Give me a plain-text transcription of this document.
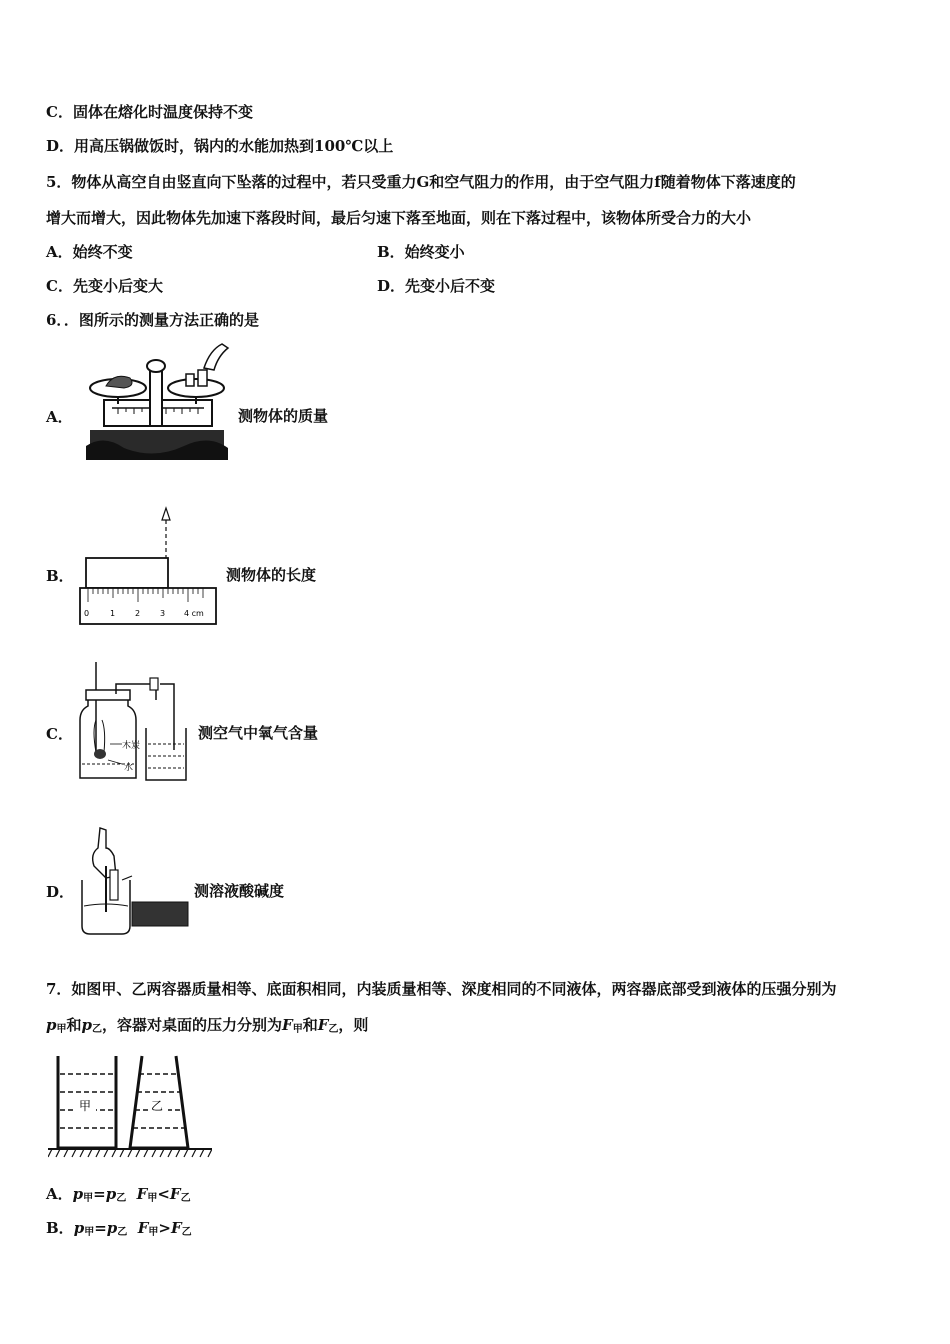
C．固体在熔化时温度保持不变
D．用高压锅做饭时，锅内的水能加热到100℃以上
5．物体从高空自由竖直向下坠落的过程中，若只受重力G和空气阻力的作用，由于空气阻力f随着物体下落速度的
增大而增大，因此物体先加速下落段时间，最后匀速下落至地面，则在下落过程中，该物体所受合力的大小
A．始终不变	B．始终变小
C．先变小后变大	D．先变小后不变
6．．图所示的测量方法正确的是
A．	测物体的质量
B．
0	1 2 3 4 cm
测物体的长度
C．
木炭
水
测空气中氧气含量
D．	测溶液酸碱度
7．如图甲、乙两容器质量相等、底面积相同，内装质量相等、深度相同的不同液体，两容器底部受到液体的压强分别为
$p_甲$和$p_乙$，容器对桌面的压力分别为$F_甲$和$F_乙$，则
甲	乙
A．$p_甲=p_乙$ $F_甲<F_乙$
B．$p_甲=p_乙$ $F_甲>F_乙$
